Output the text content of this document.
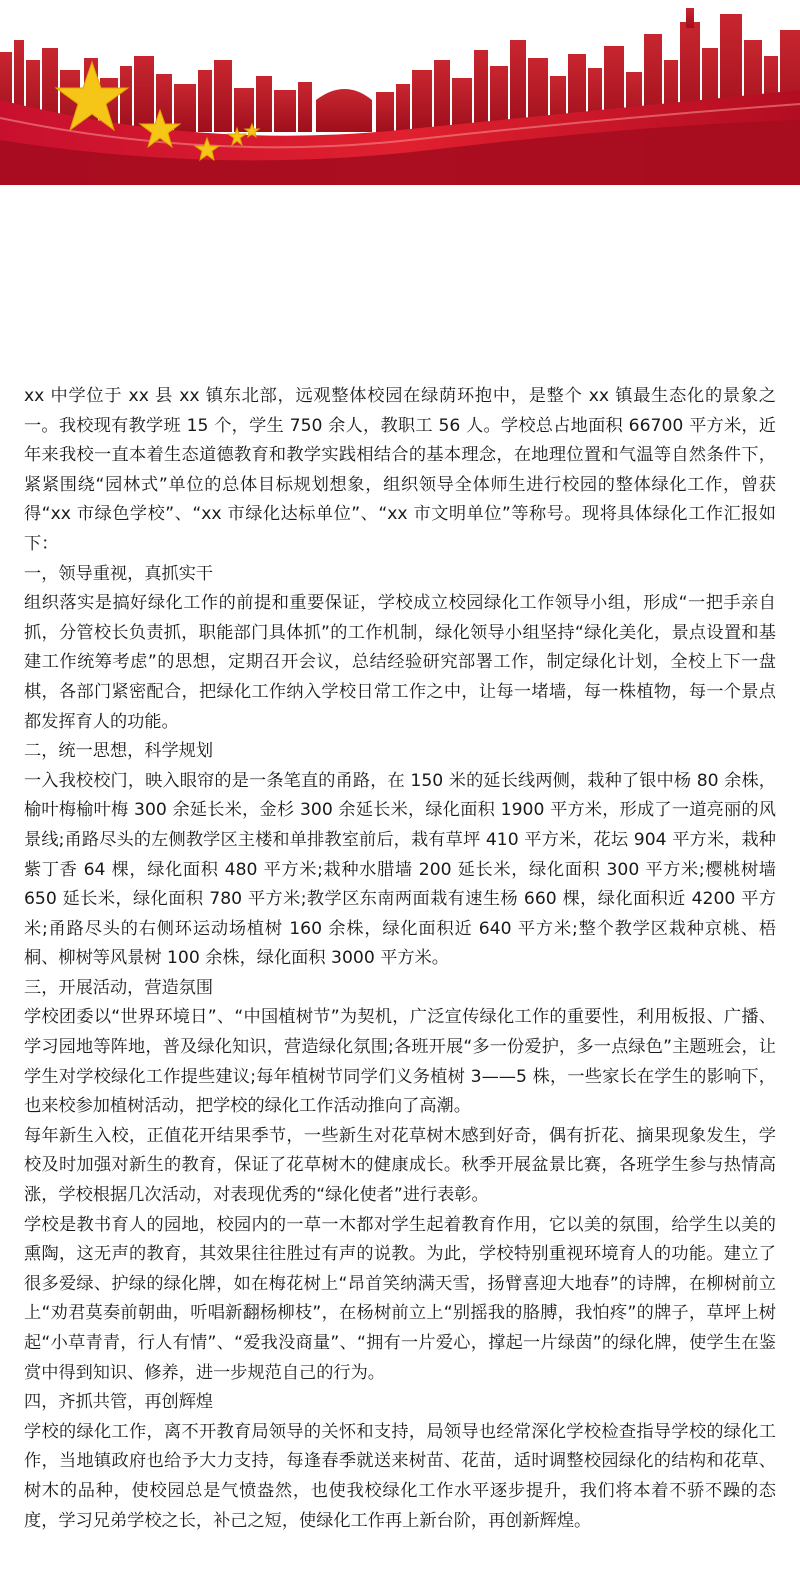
xx 中学位于 xx 县 xx 镇东北部，远观整体校园在绿荫环抱中，是整个 xx 镇最生态化的景象之一。我校现有教学班 15 个，学生 750 余人，教职工 56 人。学校总占地面积 66700 平方米，近年来我校一直本着生态道德教育和教学实践相结合的基本理念，在地理位置和气温等自然条件下，紧紧围绕“园林式”单位的总体目标规划想象，组织领导全体师生进行校园的整体绿化工作，曾获得“xx 市绿色学校”、“xx 市绿化达标单位”、“xx 市文明单位”等称号。现将具体绿化工作汇报如下：

一，领导重视，真抓实干

组织落实是搞好绿化工作的前提和重要保证，学校成立校园绿化工作领导小组，形成“一把手亲自抓，分管校长负责抓，职能部门具体抓”的工作机制，绿化领导小组坚持“绿化美化，景点设置和基建工作统筹考虑”的思想，定期召开会议，总结经验研究部署工作，制定绿化计划，全校上下一盘棋，各部门紧密配合，把绿化工作纳入学校日常工作之中，让每一堵墙，每一株植物，每一个景点都发挥育人的功能。

二，统一思想，科学规划

一入我校校门，映入眼帘的是一条笔直的甬路，在 150 米的延长线两侧，栽种了银中杨 80 余株，榆叶梅榆叶梅 300 余延长米，金杉 300 余延长米，绿化面积 1900 平方米，形成了一道亮丽的风景线;甬路尽头的左侧教学区主楼和单排教室前后，栽有草坪 410 平方米，花坛 904 平方米，栽种紫丁香 64 棵，绿化面积 480 平方米;栽种水腊墙 200 延长米，绿化面积 300 平方米;樱桃树墙 650 延长米，绿化面积 780 平方米;教学区东南两面栽有速生杨 660 棵，绿化面积近 4200 平方米;甬路尽头的右侧环运动场植树 160 余株，绿化面积近 640 平方米;整个教学区栽种京桃、梧桐、柳树等风景树 100 余株，绿化面积 3000 平方米。

三，开展活动，营造氛围

学校团委以“世界环境日”、“中国植树节”为契机，广泛宣传绿化工作的重要性，利用板报、广播、学习园地等阵地，普及绿化知识，营造绿化氛围;各班开展“多一份爱护，多一点绿色”主题班会，让学生对学校绿化工作提些建议;每年植树节同学们义务植树 3——5 株，一些家长在学生的影响下，也来校参加植树活动，把学校的绿化工作活动推向了高潮。

每年新生入校，正值花开结果季节，一些新生对花草树木感到好奇，偶有折花、摘果现象发生，学校及时加强对新生的教育，保证了花草树木的健康成长。秋季开展盆景比赛，各班学生参与热情高涨，学校根据几次活动，对表现优秀的“绿化使者”进行表彰。

学校是教书育人的园地，校园内的一草一木都对学生起着教育作用，它以美的氛围，给学生以美的熏陶，这无声的教育，其效果往往胜过有声的说教。为此，学校特别重视环境育人的功能。建立了很多爱绿、护绿的绿化牌，如在梅花树上“昂首笑纳满天雪，扬臂喜迎大地春”的诗牌，在柳树前立上“劝君莫奏前朝曲，听唱新翻杨柳枝”，在杨树前立上“别摇我的胳膊，我怕疼”的牌子，草坪上树起“小草青青，行人有情”、“爱我没商量”、“拥有一片爱心，撑起一片绿茵”的绿化牌，使学生在鉴赏中得到知识、修养，进一步规范自己的行为。

四，齐抓共管，再创辉煌

学校的绿化工作，离不开教育局领导的关怀和支持，局领导也经常深化学校检查指导学校的绿化工作，当地镇政府也给予大力支持，每逢春季就送来树苗、花苗，适时调整校园绿化的结构和花草、树木的品种，使校园总是气愤盎然，也使我校绿化工作水平逐步提升，我们将本着不骄不躁的态度，学习兄弟学校之长，补己之短，使绿化工作再上新台阶，再创新辉煌。
